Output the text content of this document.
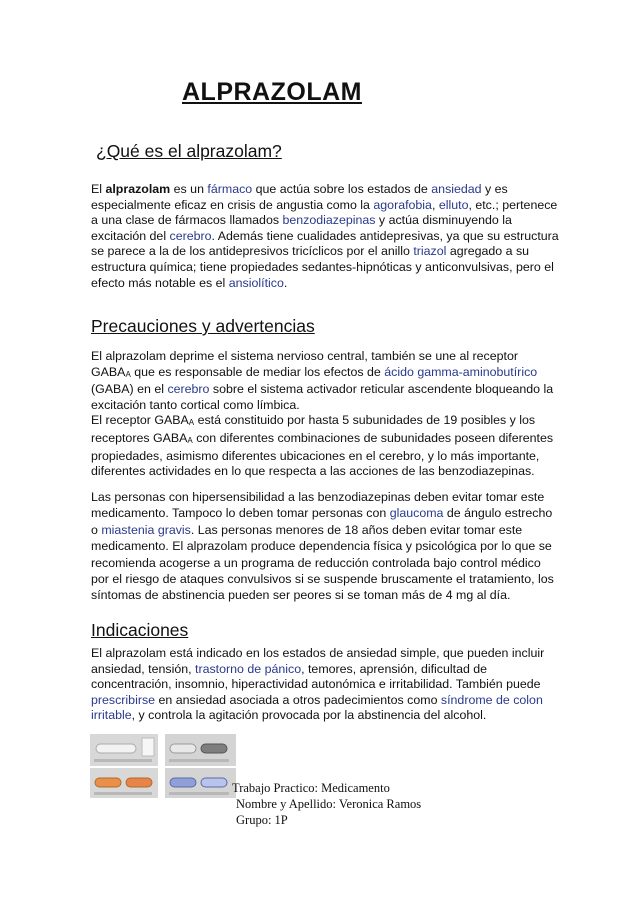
ALPRAZOLAM
¿Qué es el alprazolam?

El alprazolam es un fármaco que actúa sobre los estados de ansiedad y es especialmente eficaz en crisis de angustia como la agorafobia, elluto, etc.; pertenece a una clase de fármacos llamados benzodiazepinas y actúa disminuyendo la excitación del cerebro. Además tiene cualidades antidepresivas, ya que su estructura se parece a la de los antidepresivos tricíclicos por el anillo triazol agregado a su estructura química; tiene propiedades sedantes-hipnóticas y anticonvulsivas, pero el efecto más notable es el ansiolítico.

Precauciones y advertencias

El alprazolam deprime el sistema nervioso central, también se une al receptor $GABA_A$ que es responsable de mediar los efectos de ácido gamma-aminobutírico (GABA) en el cerebro sobre el sistema activador reticular ascendente bloqueando la excitación tanto cortical como límbica.

El receptor $GABA_A$ está constituido por hasta 5 subunidades de 19 posibles y los receptores $GABA_A$ con diferentes combinaciones de subunidades poseen diferentes propiedades, asimismo diferentes ubicaciones en el cerebro, y lo más importante, diferentes actividades en lo que respecta a las acciones de las benzodiazepinas.

Las personas con hipersensibilidad a las benzodiazepinas deben evitar tomar este medicamento. Tampoco lo deben tomar personas con glaucoma de ángulo estrecho o miastenia gravis. Las personas menores de 18 años deben evitar tomar este medicamento. El alprazolam produce dependencia física y psicológica por lo que se recomienda acogerse a un programa de reducción controlada bajo control médico por el riesgo de ataques convulsivos si se suspende bruscamente el tratamiento, los síntomas de abstinencia pueden ser peores si se toman más de 4 mg al día.

Indicaciones

El alprazolam está indicado en los estados de ansiedad simple, que pueden incluir ansiedad, tensión, trastorno de pánico, temores, aprensión, dificultad de concentración, insomnio, hiperactividad autonómica e irritabilidad. También puede prescribirse en ansiedad asociada a otros padecimientos como síndrome de colon irritable, y controla la agitación provocada por la abstinencia del alcohol.

Trabajo Practico: Medicamento
Nombre y Apellido: Veronica Ramos
Grupo: 1P
